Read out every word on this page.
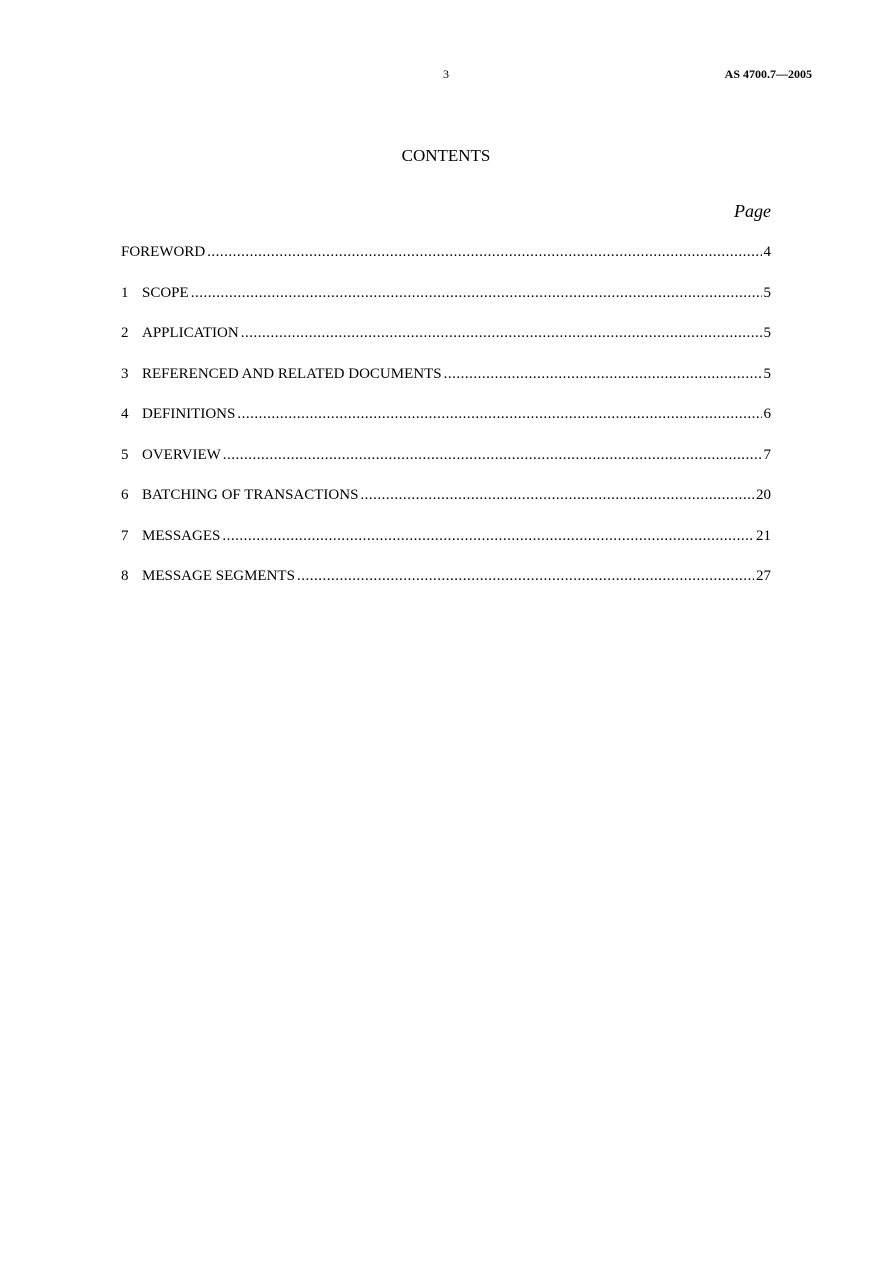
3	AS 4700.7—2005
CONTENTS
Page
FOREWORD .....	4
1 SCOPE .....	5
2 APPLICATION .....	5
3 REFERENCED AND RELATED DOCUMENTS .....	5
4 DEFINITIONS .....	6
5 OVERVIEW .....	7
6 BATCHING OF TRANSACTIONS .....	20
7 MESSAGES .....	21
8 MESSAGE SEGMENTS .....	27
